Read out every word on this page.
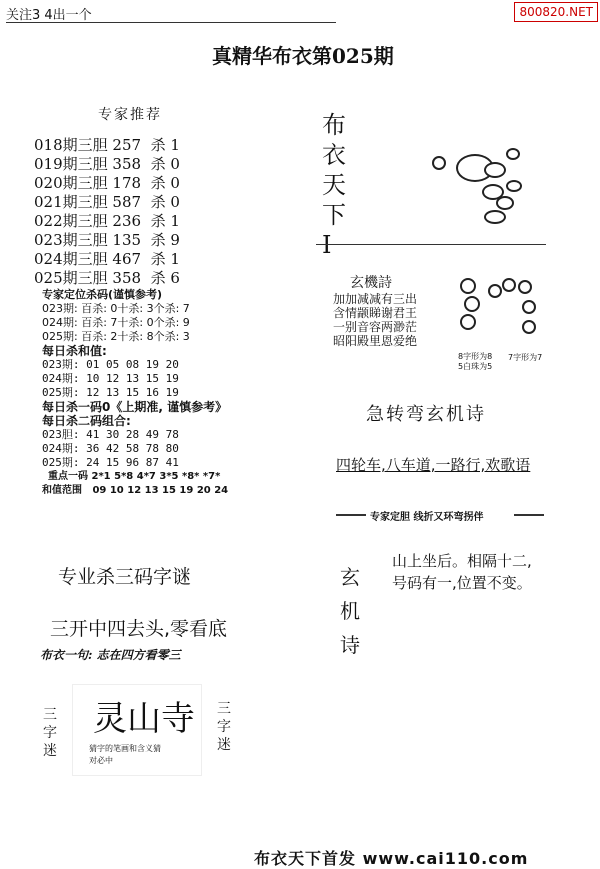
关注3 4出一个	800820.NET
真精华布衣第025期
专家推荐
018期三胆 257  杀 1
019期三胆 358  杀 0
020期三胆 178  杀 0
021期三胆 587  杀 0
022期三胆 236  杀 1
023期三胆 135  杀 9
024期三胆 467  杀 1
025期三胆 358  杀 6
专家定位杀码(谨慎参考)
023期: 百杀: 0十杀: 3个杀: 7
024期: 百杀: 7十杀: 0个杀: 9
025期: 百杀: 2十杀: 8个杀: 3
每日杀和值:
023期: 01 05 08 19 20
024期: 10 12 13 15 19
025期: 12 13 15 16 19
每日杀一码0《上期准, 谨慎参考》
每日杀二码组合:
023胆: 41 30 28 49 78
024期: 36 42 58 78 80
025期: 24 15 96 87 41
重点一码 2*1 5*8 4*7 3*5 *8* *7*
和值范围   09 10 12 13 15 19 20 24
专业杀三码字谜
三开中四去头,零看底
布衣一句: 志在四方看零三
三
字
迷
灵山寺
猜字的笔画和含义猜
对必中
三
字
迷
布
衣
天
下
I
玄機詩
加加减减有三出
含情颛睇谢君王
一别音容两渺茫
昭阳殿里恩爱绝
8字形为8
5白珠为5
7字形为7
急转弯玄机诗
四轮车,八车道,一路行,欢歌语
专家定胆 线折又环弯拐伴
玄
机
诗
山上坐后。相隔十二,
号码有一,位置不变。
布衣天下首发 www.cai110.com
